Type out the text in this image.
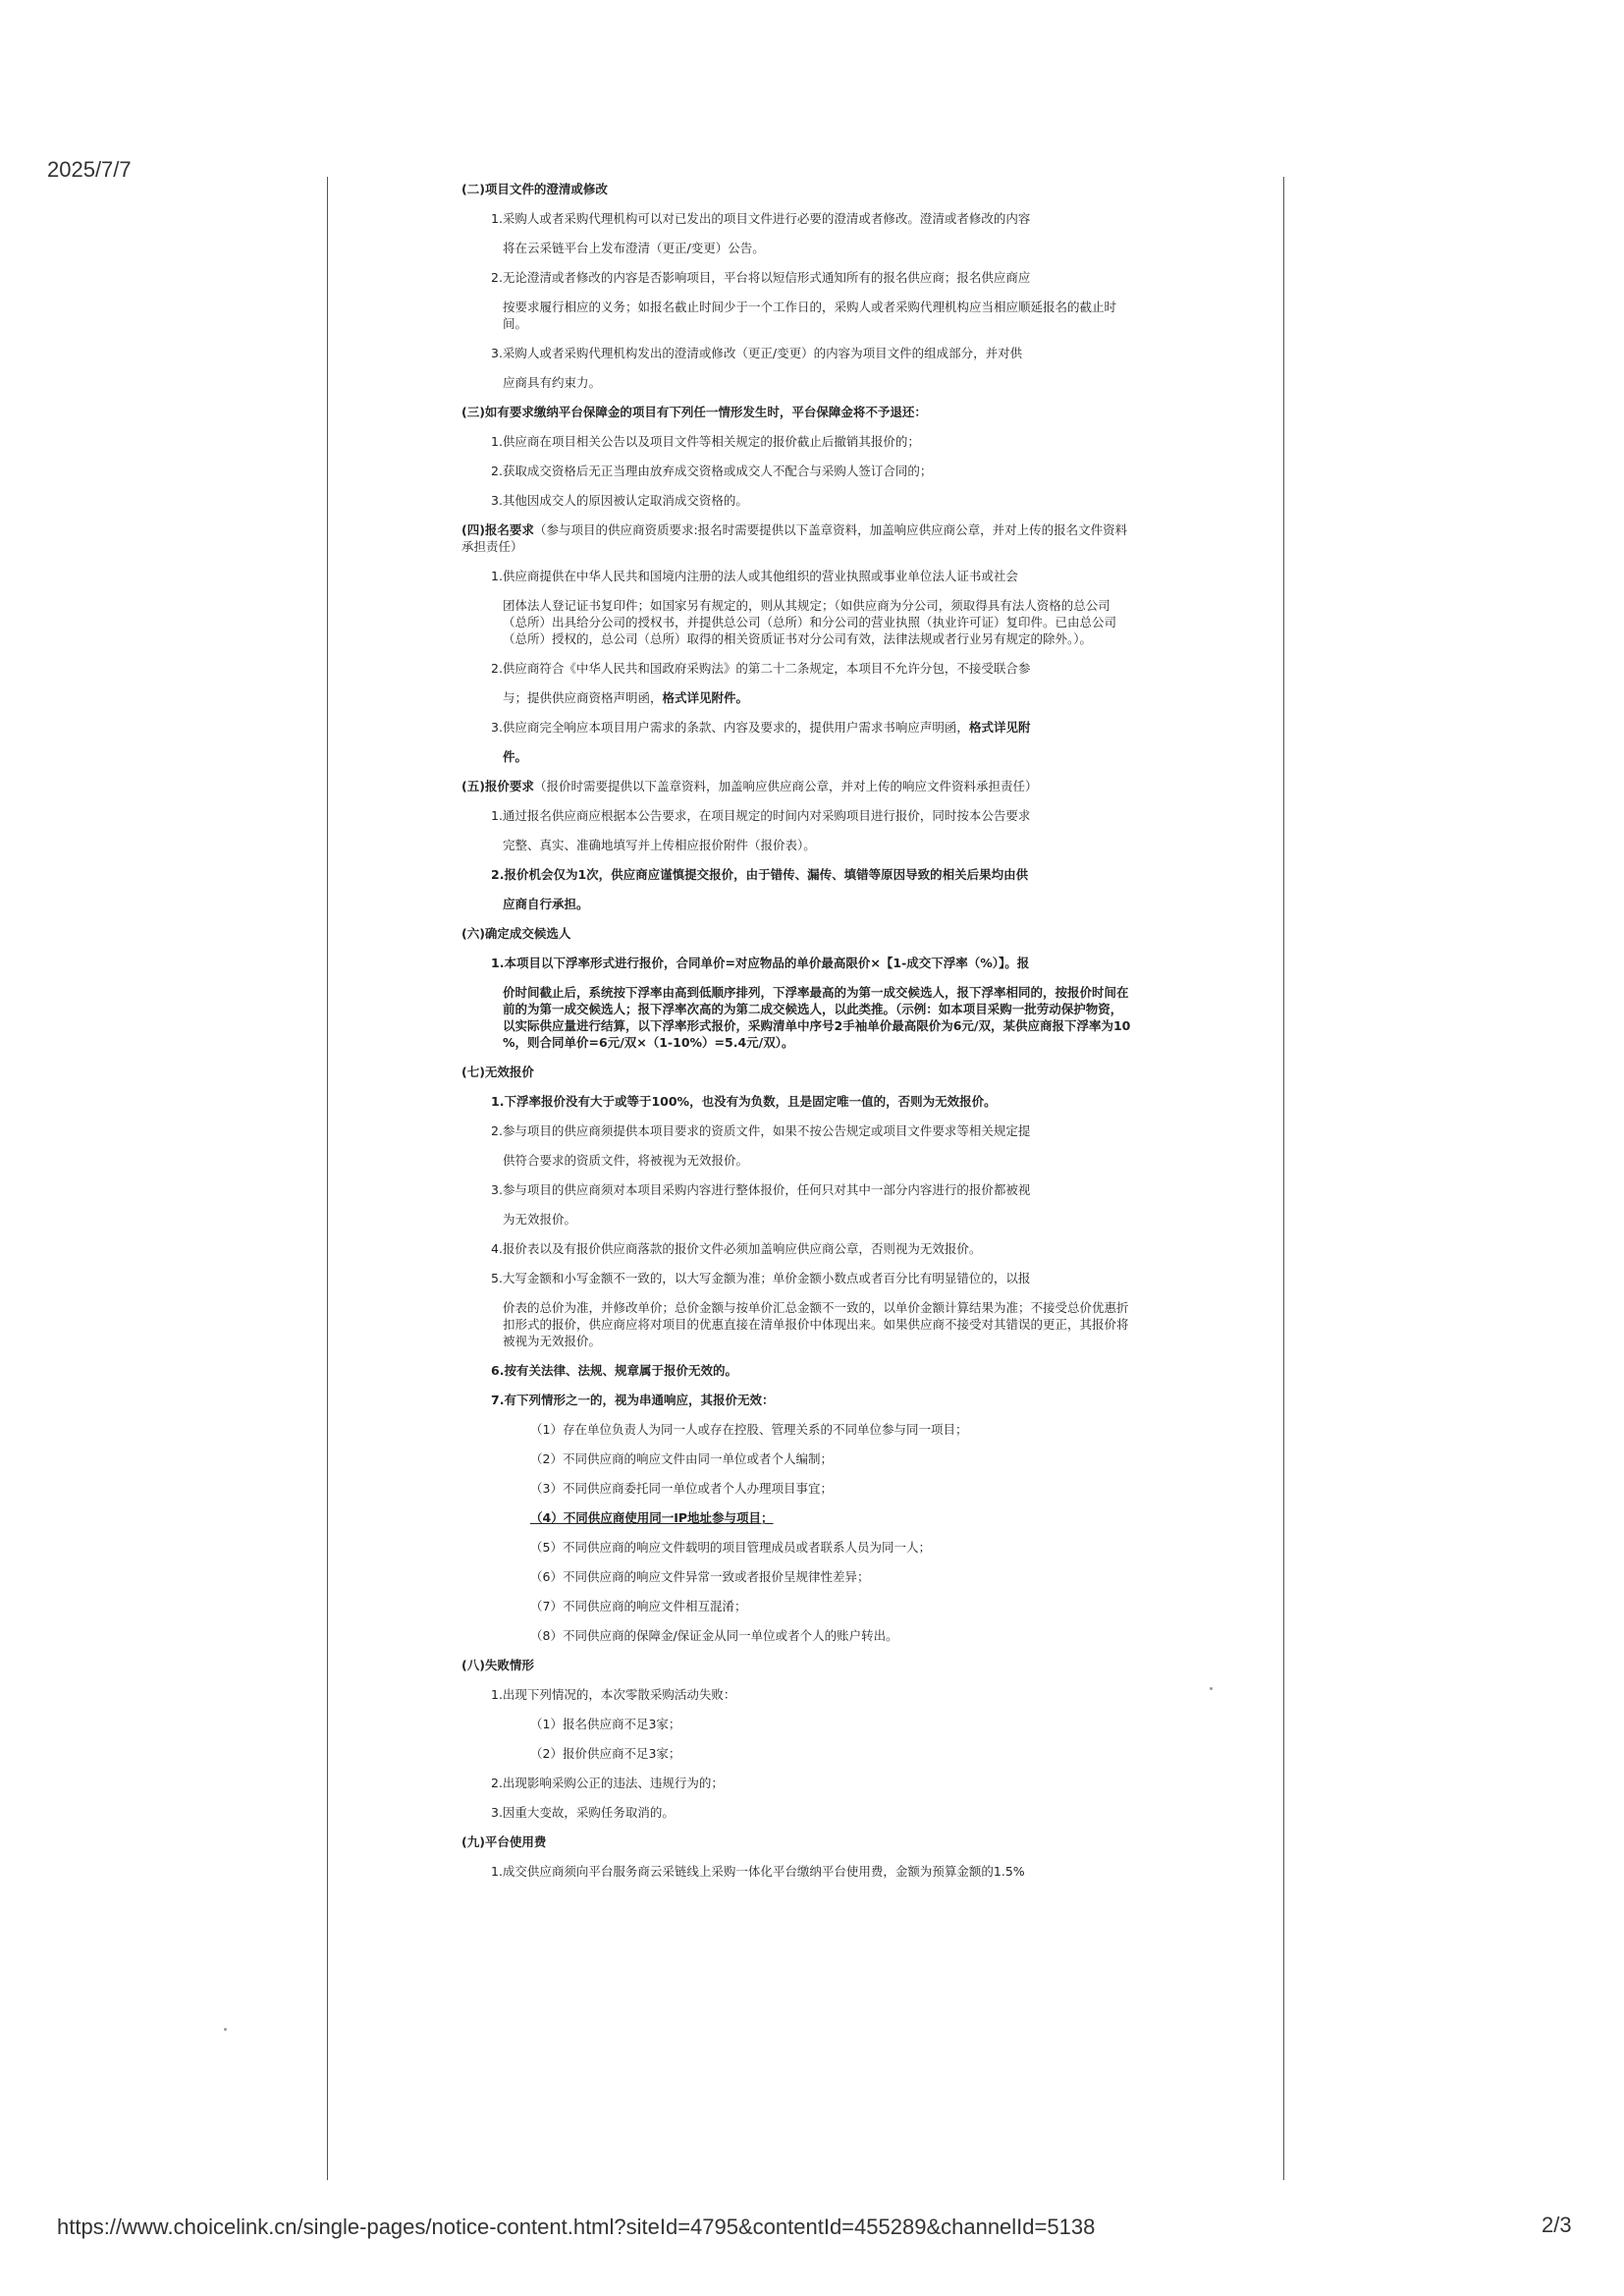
2025/7/7

(二)项目文件的澄清或修改

1.采购人或者采购代理机构可以对已发出的项目文件进行必要的澄清或者修改。澄清或者修改的内容

将在云采链平台上发布澄清（更正/变更）公告。

2.无论澄清或者修改的内容是否影响项目，平台将以短信形式通知所有的报名供应商；报名供应商应

按要求履行相应的义务；如报名截止时间少于一个工作日的，采购人或者采购代理机构应当相应顺延报名的截止时

间。

3.采购人或者采购代理机构发出的澄清或修改（更正/变更）的内容为项目文件的组成部分，并对供

应商具有约束力。

(三)如有要求缴纳平台保障金的项目有下列任一情形发生时，平台保障金将不予退还：

1.供应商在项目相关公告以及项目文件等相关规定的报价截止后撤销其报价的；

2.获取成交资格后无正当理由放弃成交资格或成交人不配合与采购人签订合同的；

3.其他因成交人的原因被认定取消成交资格的。

(四)报名要求（参与项目的供应商资质要求:报名时需要提供以下盖章资料，加盖响应供应商公章，并对上传的报名文件资料

承担责任）

1.供应商提供在中华人民共和国境内注册的法人或其他组织的营业执照或事业单位法人证书或社会

团体法人登记证书复印件；如国家另有规定的，则从其规定；（如供应商为分公司，须取得具有法人资格的总公司

（总所）出具给分公司的授权书，并提供总公司（总所）和分公司的营业执照（执业许可证）复印件。已由总公司

（总所）授权的，总公司（总所）取得的相关资质证书对分公司有效，法律法规或者行业另有规定的除外。）。

2.供应商符合《中华人民共和国政府采购法》的第二十二条规定，本项目不允许分包，不接受联合参

与；提供供应商资格声明函，格式详见附件。

3.供应商完全响应本项目用户需求的条款、内容及要求的，提供用户需求书响应声明函，格式详见附

件。

(五)报价要求（报价时需要提供以下盖章资料，加盖响应供应商公章，并对上传的响应文件资料承担责任）

1.通过报名供应商应根据本公告要求，在项目规定的时间内对采购项目进行报价，同时按本公告要求

完整、真实、准确地填写并上传相应报价附件（报价表）。

2.报价机会仅为1次，供应商应谨慎提交报价，由于错传、漏传、填错等原因导致的相关后果均由供

应商自行承担。

(六)确定成交候选人

1.本项目以下浮率形式进行报价，合同单价=对应物品的单价最高限价×【1-成交下浮率（%）】。报

价时间截止后，系统按下浮率由高到低顺序排列，下浮率最高的为第一成交候选人，报下浮率相同的，按报价时间在

前的为第一成交候选人；报下浮率次高的为第二成交候选人，以此类推。（示例：如本项目采购一批劳动保护物资，

以实际供应量进行结算，以下浮率形式报价，采购清单中序号2手袖单价最高限价为6元/双，某供应商报下浮率为10

%，则合同单价=6元/双×（1-10%）=5.4元/双）。

(七)无效报价

1.下浮率报价没有大于或等于100%，也没有为负数，且是固定唯一值的，否则为无效报价。

2.参与项目的供应商须提供本项目要求的资质文件，如果不按公告规定或项目文件要求等相关规定提

供符合要求的资质文件，将被视为无效报价。

3.参与项目的供应商须对本项目采购内容进行整体报价，任何只对其中一部分内容进行的报价都被视

为无效报价。

4.报价表以及有报价供应商落款的报价文件必须加盖响应供应商公章，否则视为无效报价。

5.大写金额和小写金额不一致的，以大写金额为准；单价金额小数点或者百分比有明显错位的，以报

价表的总价为准，并修改单价；总价金额与按单价汇总金额不一致的，以单价金额计算结果为准；不接受总价优惠折

扣形式的报价，供应商应将对项目的优惠直接在清单报价中体现出来。如果供应商不接受对其错误的更正，其报价将

被视为无效报价。

6.按有关法律、法规、规章属于报价无效的。

7.有下列情形之一的，视为串通响应，其报价无效：

（1）存在单位负责人为同一人或存在控股、管理关系的不同单位参与同一项目；

（2）不同供应商的响应文件由同一单位或者个人编制；

（3）不同供应商委托同一单位或者个人办理项目事宜；

（4）不同供应商使用同一IP地址参与项目；

（5）不同供应商的响应文件载明的项目管理成员或者联系人员为同一人；

（6）不同供应商的响应文件异常一致或者报价呈规律性差异；

（7）不同供应商的响应文件相互混淆；

（8）不同供应商的保障金/保证金从同一单位或者个人的账户转出。

(八)失败情形

1.出现下列情况的，本次零散采购活动失败：

（1）报名供应商不足3家；

（2）报价供应商不足3家；

2.出现影响采购公正的违法、违规行为的；

3.因重大变故，采购任务取消的。

(九)平台使用费

1.成交供应商须向平台服务商云采链线上采购一体化平台缴纳平台使用费，金额为预算金额的1.5%

https://www.choicelink.cn/single-pages/notice-content.html?siteId=4795&contentId=455289&channelId=5138	2/3
